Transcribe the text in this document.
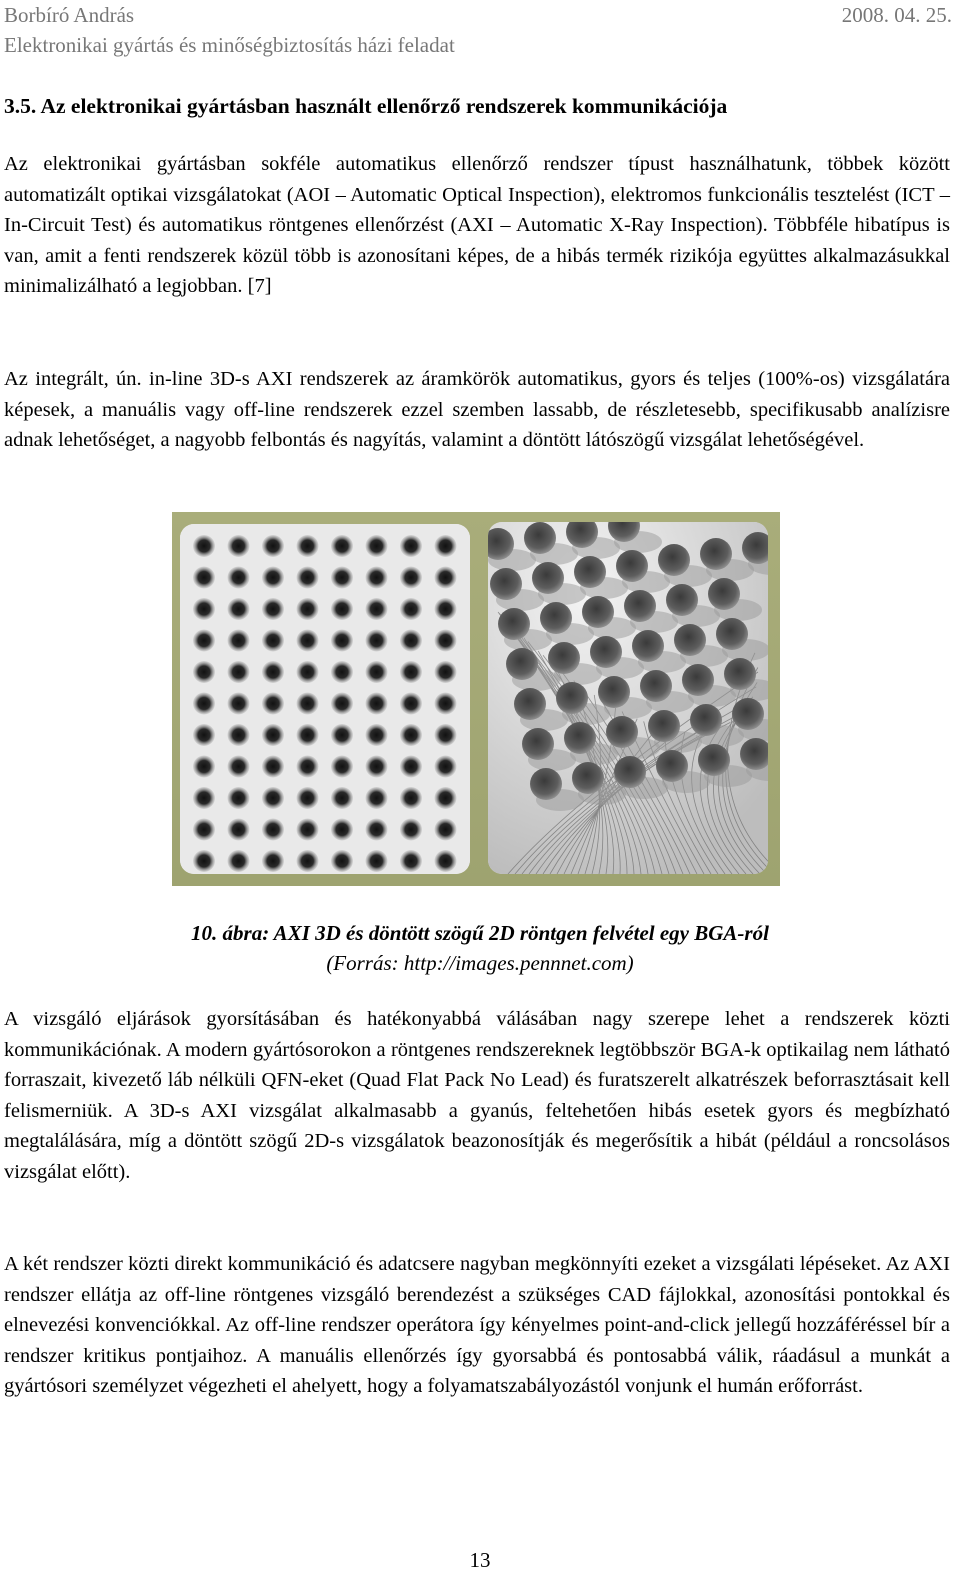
Borbíró András	2008. 04. 25.
Elektronikai gyártás és minőségbiztosítás házi feladat
3.5. Az elektronikai gyártásban használt ellenőrző rendszerek kommunikációja

Az elektronikai gyártásban sokféle automatikus ellenőrző rendszer típust használhatunk, többek között automatizált optikai vizsgálatokat (AOI – Automatic Optical Inspection), elektromos funkcionális tesztelést (ICT – In-Circuit Test) és automatikus röntgenes ellenőrzést (AXI – Automatic X-Ray Inspection). Többféle hibatípus is van, amit a fenti rendszerek közül több is azonosítani képes, de a hibás termék rizikója együttes alkalmazásukkal minimalizálható a legjobban. [7]

Az integrált, ún. in-line 3D-s AXI rendszerek az áramkörök automatikus, gyors és teljes (100%-os) vizsgálatára képesek, a manuális vagy off-line rendszerek ezzel szemben lassabb, de részletesebb, specifikusabb analízisre adnak lehetőséget, a nagyobb felbontás és nagyítás, valamint a döntött látószögű vizsgálat lehetőségével.

10. ábra: AXI 3D és döntött szögű 2D röntgen felvétel egy BGA-ról
(Forrás: http://images.pennnet.com)

A vizsgáló eljárások gyorsításában és hatékonyabbá válásában nagy szerepe lehet a rendszerek közti kommunikációnak. A modern gyártósorokon a röntgenes rendszereknek legtöbbször BGA-k optikailag nem látható forraszait, kivezető láb nélküli QFN-eket (Quad Flat Pack No Lead) és furatszerelt alkatrészek beforrasztásait kell felismerniük. A 3D-s AXI vizsgálat alkalmasabb a gyanús, feltehetően hibás esetek gyors és megbízható megtalálására, míg a döntött szögű 2D-s vizsgálatok beazonosítják és megerősítik a hibát (például a roncsolásos vizsgálat előtt).

A két rendszer közti direkt kommunikáció és adatcsere nagyban megkönnyíti ezeket a vizsgálati lépéseket. Az AXI rendszer ellátja az off-line röntgenes vizsgáló berendezést a szükséges CAD fájlokkal, azonosítási pontokkal és elnevezési konvenciókkal. Az off-line rendszer operátora így kényelmes point-and-click jellegű hozzáféréssel bír a rendszer kritikus pontjaihoz. A manuális ellenőrzés így gyorsabbá és pontosabbá válik, ráadásul a munkát a gyártósori személyzet végezheti el ahelyett, hogy a folyamatszabályozástól vonjunk el humán erőforrást.

13
